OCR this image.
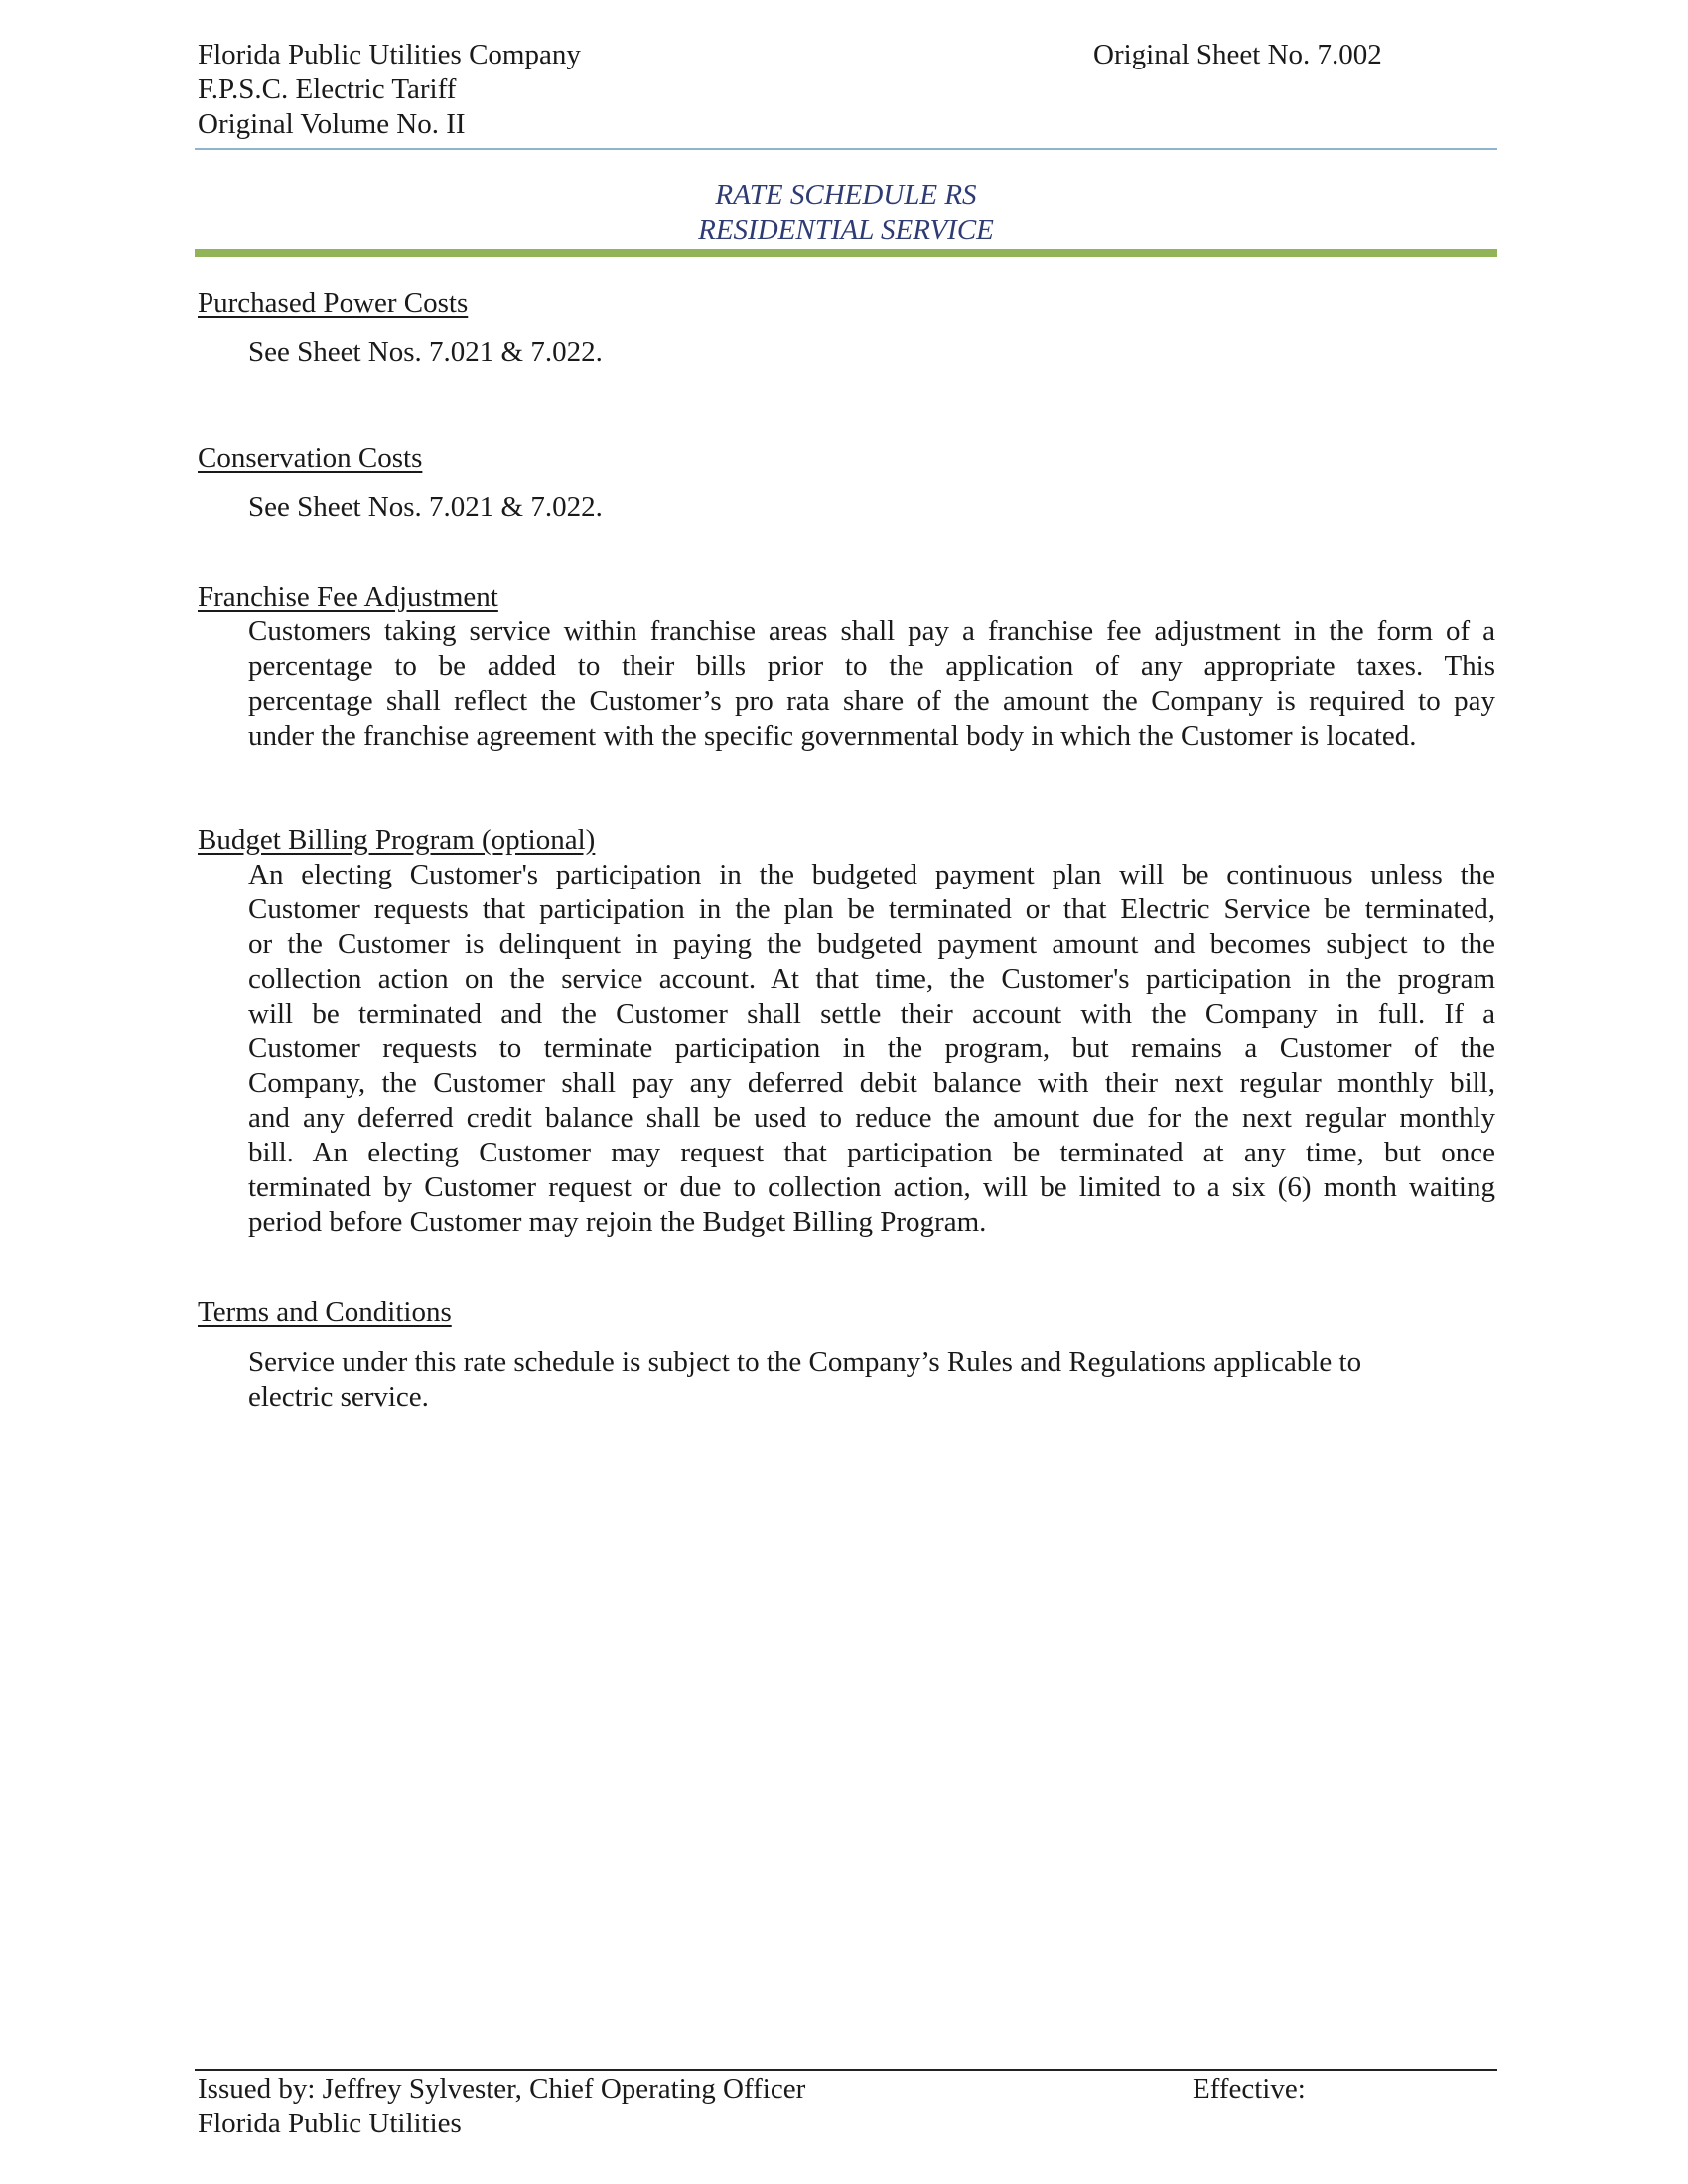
Florida Public Utilities Company
F.P.S.C. Electric Tariff
Original Volume No. II
Original Sheet No. 7.002
RATE SCHEDULE RS
RESIDENTIAL SERVICE
Purchased Power Costs
See Sheet Nos. 7.021 & 7.022.
Conservation Costs
See Sheet Nos. 7.021 & 7.022.
Franchise Fee Adjustment
Customers taking service within franchise areas shall pay a franchise fee adjustment in the form of a
percentage to be added to their bills prior to the application of any appropriate taxes. This
percentage shall reflect the Customer’s pro rata share of the amount the Company is required to pay
under the franchise agreement with the specific governmental body in which the Customer is located.
Budget Billing Program (optional)
An electing Customer's participation in the budgeted payment plan will be continuous unless the
Customer requests that participation in the plan be terminated or that Electric Service be terminated,
or the Customer is delinquent in paying the budgeted payment amount and becomes subject to the
collection action on the service account. At that time, the Customer's participation in the program
will be terminated and the Customer shall settle their account with the Company in full. If a
Customer requests to terminate participation in the program, but remains a Customer of the
Company, the Customer shall pay any deferred debit balance with their next regular monthly bill,
and any deferred credit balance shall be used to reduce the amount due for the next regular monthly
bill. An electing Customer may request that participation be terminated at any time, but once
terminated by Customer request or due to collection action, will be limited to a six (6) month waiting
period before Customer may rejoin the Budget Billing Program.
Terms and Conditions
Service under this rate schedule is subject to the Company’s Rules and Regulations applicable to
electric service.
Issued by: Jeffrey Sylvester, Chief Operating Officer
Florida Public Utilities
Effective:
